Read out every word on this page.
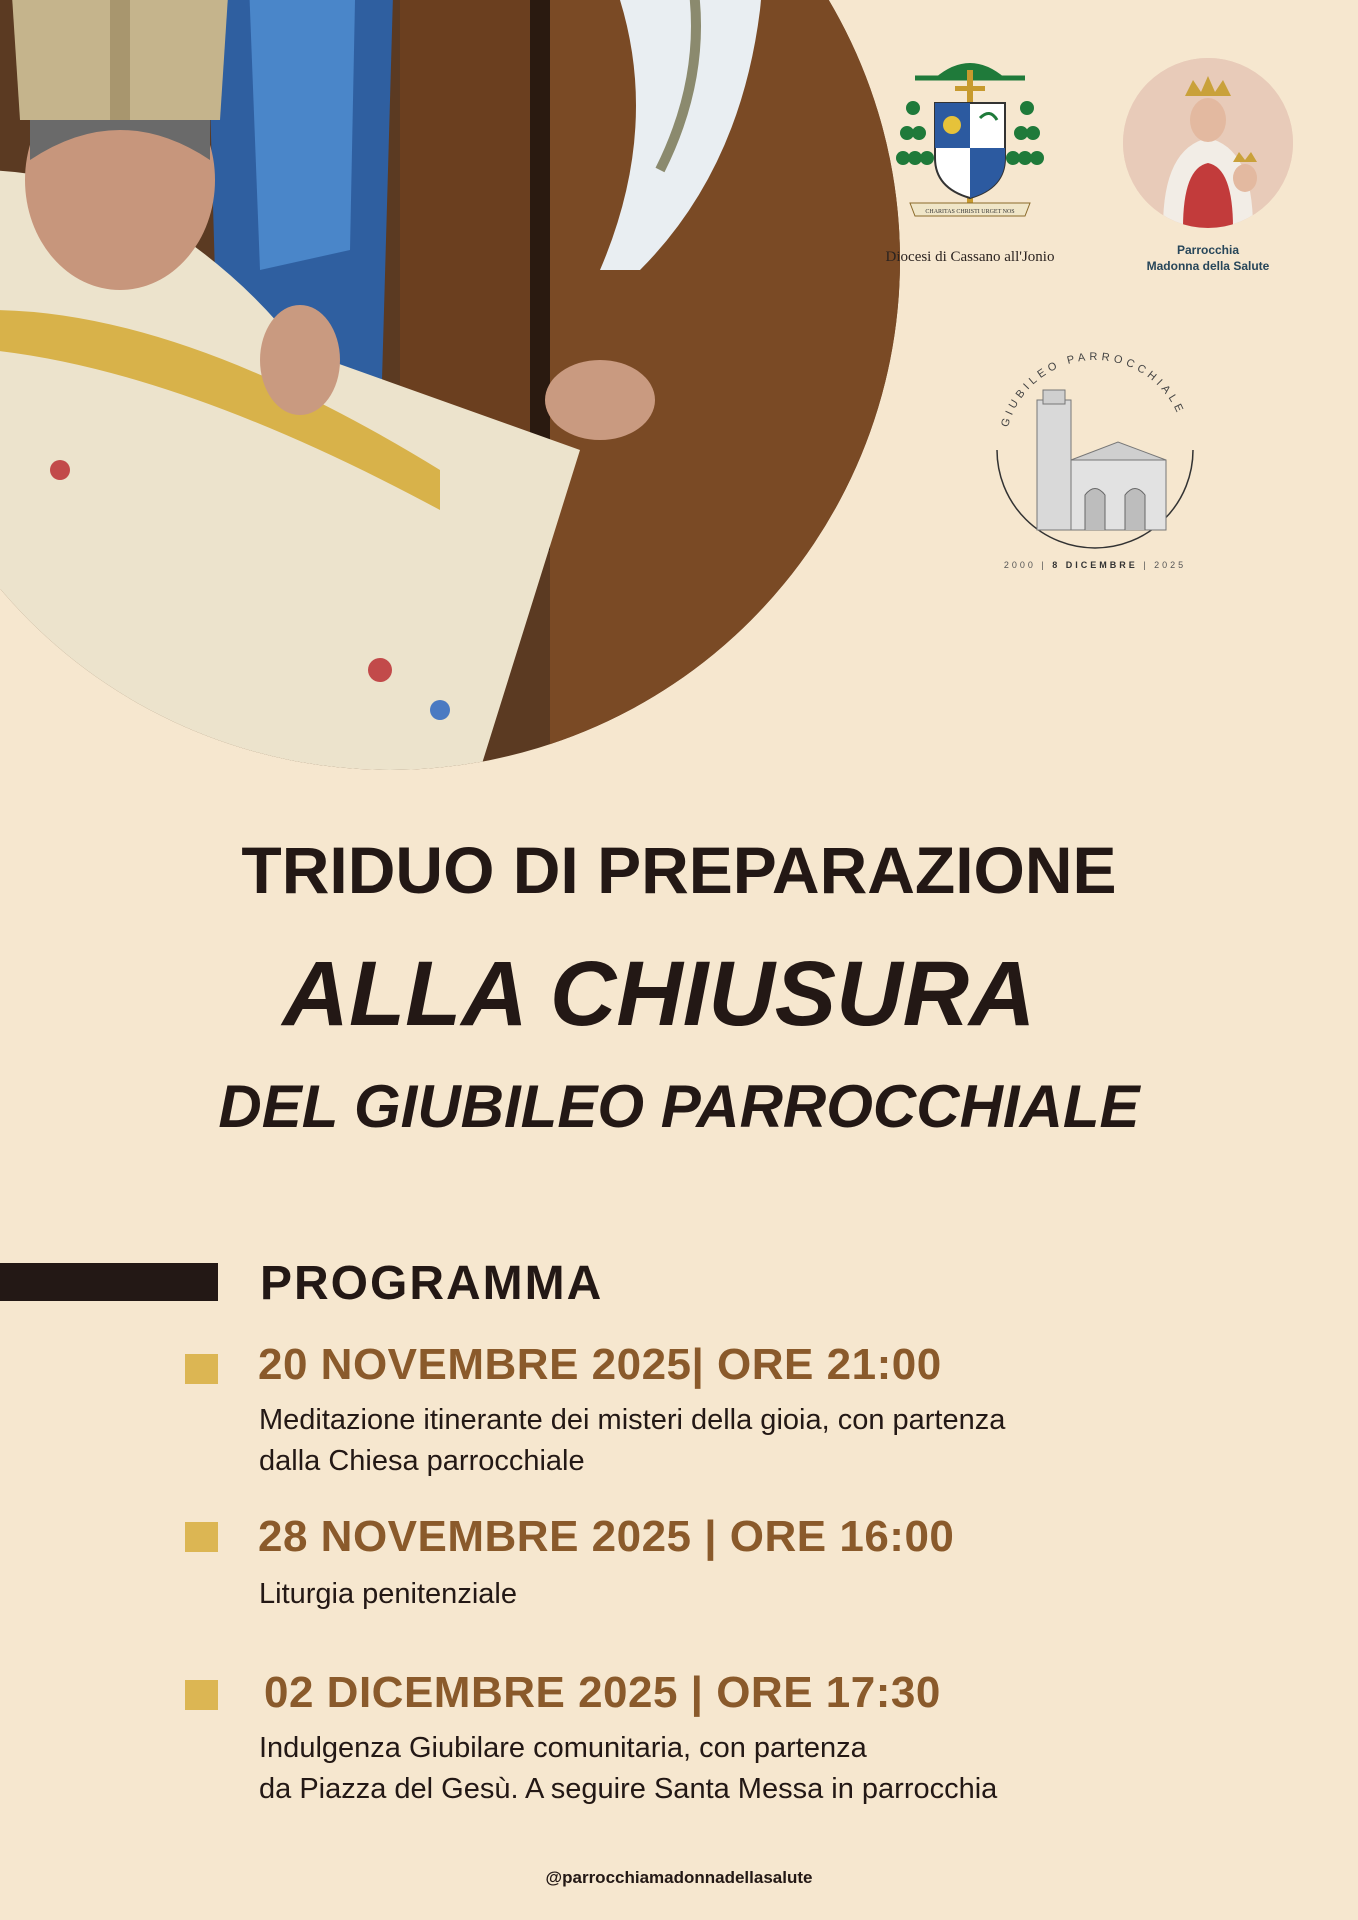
CHARITAS CHRISTI URGET NOS
Diocesi di Cassano all'Jonio	Parrocchia
Madonna della Salute
GIUBILEO PARROCCHIALE
2000 | 8 DICEMBRE | 2025
TRIDUO DI PREPARAZIONE
ALLA CHIUSURA
DEL GIUBILEO PARROCCHIALE
PROGRAMMA
20 NOVEMBRE 2025| ORE 21:00
Meditazione itinerante dei misteri della gioia, con partenza
dalla Chiesa parrocchiale
28 NOVEMBRE 2025 | ORE 16:00
Liturgia penitenziale
02 DICEMBRE 2025 | ORE 17:30
Indulgenza Giubilare comunitaria, con partenza
da Piazza del Gesù. A seguire Santa Messa in parrocchia
@parrocchiamadonnadellasalute
